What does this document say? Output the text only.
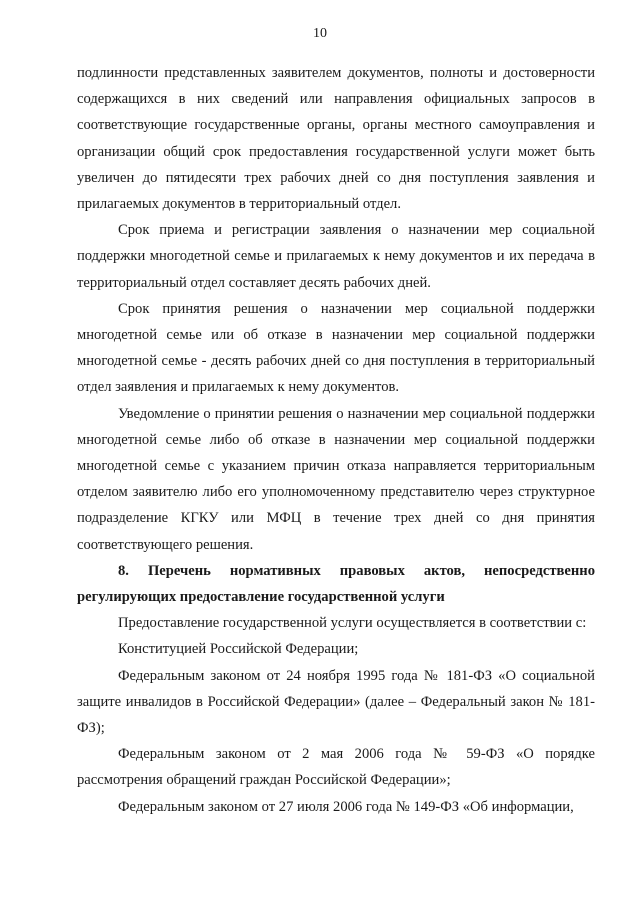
10

подлинности представленных заявителем документов, полноты и достоверности содержащихся в них сведений или направления официальных запросов в соответствующие государственные органы, органы местного самоуправления и организации общий срок предоставления государственной услуги может быть увеличен до пятидесяти трех рабочих дней со дня поступления заявления и прилагаемых документов в территориальный отдел.

Срок приема и регистрации заявления о назначении мер социальной поддержки многодетной семье и прилагаемых к нему документов и их передача в территориальный отдел составляет десять рабочих дней.

Срок принятия решения о назначении мер социальной поддержки многодетной семье или об отказе в назначении мер социальной поддержки многодетной семье - десять рабочих дней со дня поступления в территориальный отдел заявления и прилагаемых к нему документов.

Уведомление о принятии решения о назначении мер социальной поддержки многодетной семье либо об отказе в назначении мер социальной поддержки многодетной семье с указанием причин отказа направляется территориальным отделом заявителю либо его уполномоченному представителю через структурное подразделение КГКУ или МФЦ в течение трех дней со дня принятия соответствующего решения.

8. Перечень нормативных правовых актов, непосредственно регулирующих предоставление государственной услуги

Предоставление государственной услуги осуществляется в соответствии с:

Конституцией Российской Федерации;

Федеральным законом от 24 ноября 1995 года № 181-ФЗ «О социальной защите инвалидов в Российской Федерации» (далее – Федеральный закон № 181-ФЗ);

Федеральным законом от 2 мая 2006 года № 59-ФЗ «О порядке рассмотрения обращений граждан Российской Федерации»;

Федеральным законом от 27 июля 2006 года № 149-ФЗ «Об информации,
